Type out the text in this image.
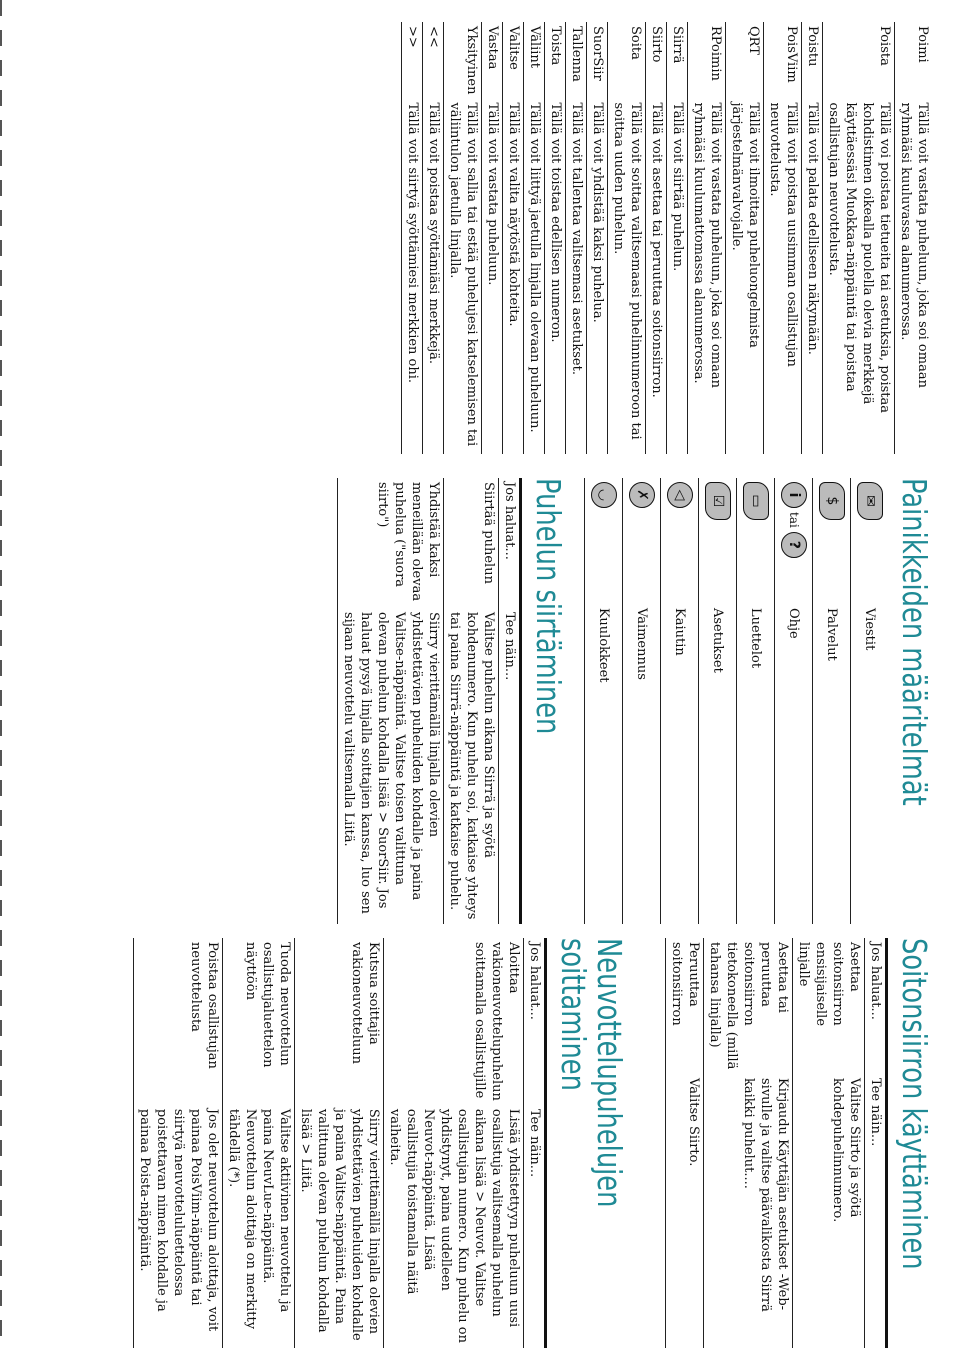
Poimi	Tällä voit vastata puheluun, joka soi omaan ryhmääsi kuuluvassa alanumerossa.
Poista	Tällä voi poistaa tietueita tai asetuksia, poistaa kohdistimen oikealla puolella olevia merkkejä käyttäessäsi Muokkaa-näppäintä tai poistaa osallistujan neuvottelusta.
Poistu	Tällä voit palata edelliseen näkymään.
PoisViim	Tällä voit poistaa uusimman osallistujan neuvottelusta.
QRT	Tällä voit ilmoittaa puheluongelmista järjestelmänvalvojalle.
RPoimin	Tällä voit vastata puheluun, joka soi omaan ryhmääsi kuulumattomassa alanumerossa.
Siirrä	Tällä voit siirtää puhelun.
Siirto	Tällä voit asettaa tai peruuttaa soitonsiirron.
Soita	Tällä voit soittaa valitsemaasi puhelinnumeroon tai soittaa uuden puhelun.
SuorSiir	Tällä voit yhdistää kaksi puhelua.
Tallenna	Tällä voit tallentaa valitsemasi asetukset.
Toista	Tällä voit toistaa edellisen numeron.
Väliint	Tällä voit liittyä jaetulla linjalla olevaan puheluun.
Valitse	Tällä voit valita näytöstä kohteita.
Vastaa	Tällä voit vastata puheluun.
Yksityinen	Tällä voit sallia tai estää puhelujesi katselemisen tai väliintulon jaetulla linjalla.
<<	Tällä voit poistaa syöttämiäsi merkkejä.
>>	Tällä voit siirtyä syöttämiesi merkkien ohi.
Painikkeiden määritelmät
✉	Viestit
$	Palvelut
itai?	Ohje
▭	Luettelot
☑	Asetukset
◁	Kaiutin
✗	Vaimennus
◡	Kuulokkeet
Puhelun siirtäminen
Jos haluat...	Tee näin...
Siirtää puhelun	Valitse puhelun aikana Siirrä ja syötä kohdenumero. Kun puhelu soi, katkaise yhteys tai paina Siirrä-näppäintä ja katkaise puhelu.
Yhdistää kaksi meneillään olevaa puhelua ("suora siirto")	Siirry vierittämällä linjalla olevien yhdistettävien puheluiden kohdalle ja paina Valitse-näppäintä. Valitse toisen valittuna olevan puhelun kohdalla lisää > SuorSiir. Jos haluat pysyä linjalla soittajien kanssa, luo sen sijaan neuvottelu valitsemalla Liitä.
Soitonsiirron käyttäminen
Jos haluat...	Tee näin...
Asettaa soitonsiirron ensisijaiselle linjalle	Valitse Siirto ja syötä kohdepuhelinnumero.
Asettaa tai peruuttaa soitonsiirron tietokoneella (millä tahansa linjalla)	Kirjaudu Käyttäjän asetukset -Web-sivulle ja valitse päävalikosta Siirrä kaikki puhelut....
Peruuttaa soitonsiirron	Valitse Siirto.
Neuvottelupuhelujen soittaminen
Jos haluat...	Tee näin...
Aloittaa vakioneuvottelupuhelun soittamalla osallistujille	Lisää yhdistettyyn puheluun uusi osallistuja valitsemalla puhelun aikana lisää > Neuvot. Valitse osallistujan numero. Kun puhelu on yhdistynyt, paina uudelleen Neuvot-näppäintä. Lisää osallistujia toistamalla näitä vaiheita.
Kutsua soittajia vakioneuvotteluun	Siirry vierittämällä linjalla olevien yhdistettävien puheluiden kohdalle ja paina Valitse-näppäintä. Paina valittuna olevan puhelun kohdalla lisää > Liitä.
Tuoda neuvottelun osallistujaluettelon näyttöön	Valitse aktiivinen neuvottelu ja paina NeuvLue-näppäintä. Neuvottelun aloittaja on merkitty tähdellä (*).
Poistaa osallistujan neuvottelusta	Jos olet neuvottelun aloittaja, voit painaa PoisViim-näppäintä tai siirtyä neuvotteluluettelossa poistettavan nimen kohdalle ja painaa Poista-näppäintä.
